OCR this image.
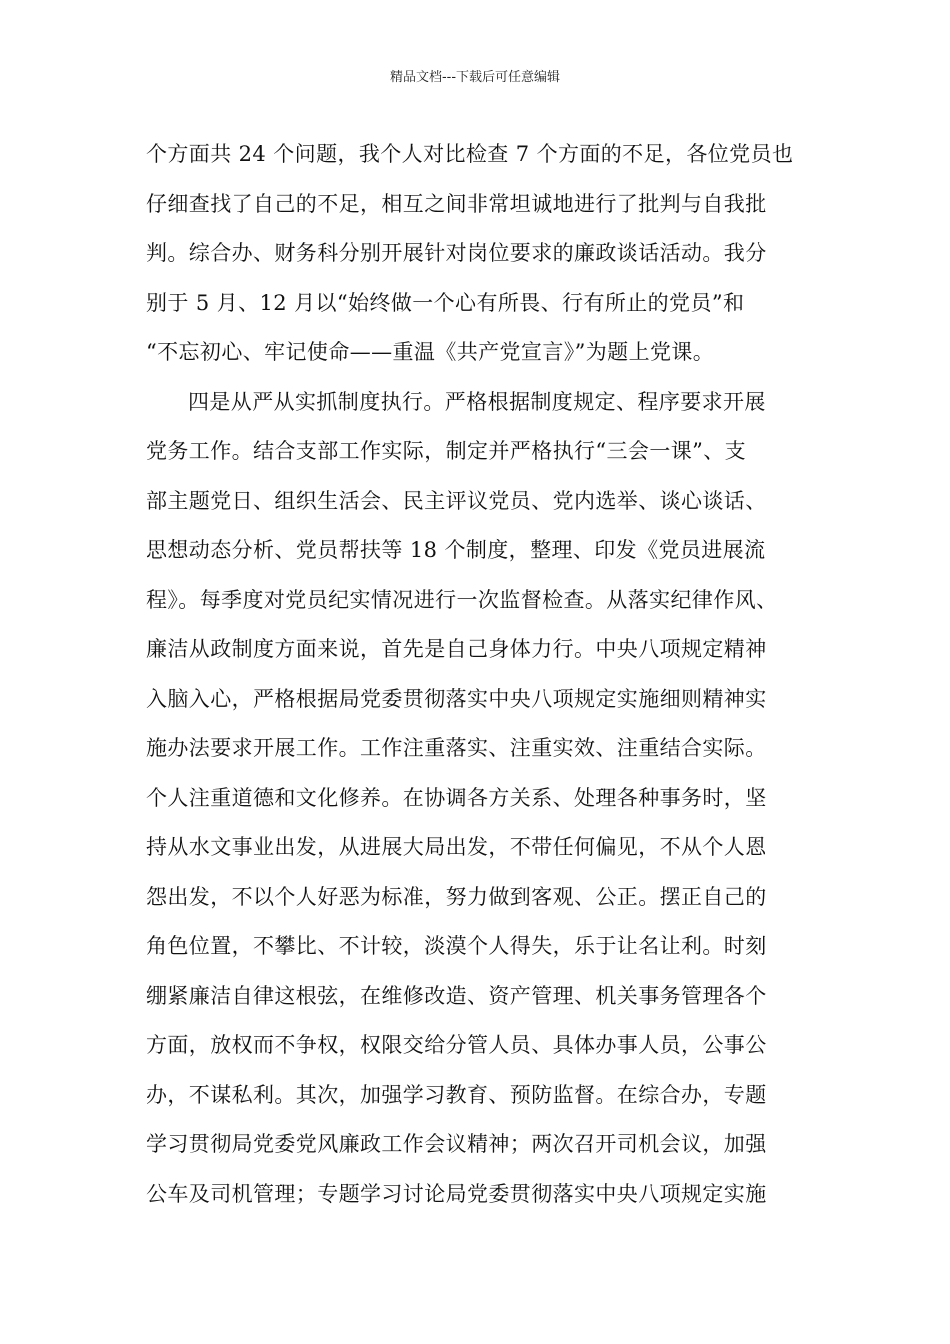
精品文档---下载后可任意编辑
个方面共 24 个问题，我个人对比检查 7 个方面的不足，各位党员也
仔细查找了自己的不足，相互之间非常坦诚地进行了批判与自我批
判。综合办、财务科分别开展针对岗位要求的廉政谈话活动。我分
别于 5 月、12 月以“始终做一个心有所畏、行有所止的党员”和
“不忘初心、牢记使命——重温《共产党宣言》”为题上党课。
四是从严从实抓制度执行。严格根据制度规定、程序要求开展
党务工作。结合支部工作实际，制定并严格执行“三会一课”、支
部主题党日、组织生活会、民主评议党员、党内选举、谈心谈话、
思想动态分析、党员帮扶等 18 个制度，整理、印发《党员进展流
程》。每季度对党员纪实情况进行一次监督检查。从落实纪律作风、
廉洁从政制度方面来说，首先是自己身体力行。中央八项规定精神
入脑入心，严格根据局党委贯彻落实中央八项规定实施细则精神实
施办法要求开展工作。工作注重落实、注重实效、注重结合实际。
个人注重道德和文化修养。在协调各方关系、处理各种事务时，坚
持从水文事业出发，从进展大局出发，不带任何偏见，不从个人恩
怨出发，不以个人好恶为标准，努力做到客观、公正。摆正自己的
角色位置，不攀比、不计较，淡漠个人得失，乐于让名让利。时刻
绷紧廉洁自律这根弦，在维修改造、资产管理、机关事务管理各个
方面，放权而不争权，权限交给分管人员、具体办事人员，公事公
办，不谋私利。其次，加强学习教育、预防监督。在综合办，专题
学习贯彻局党委党风廉政工作会议精神；两次召开司机会议，加强
公车及司机管理；专题学习讨论局党委贯彻落实中央八项规定实施
